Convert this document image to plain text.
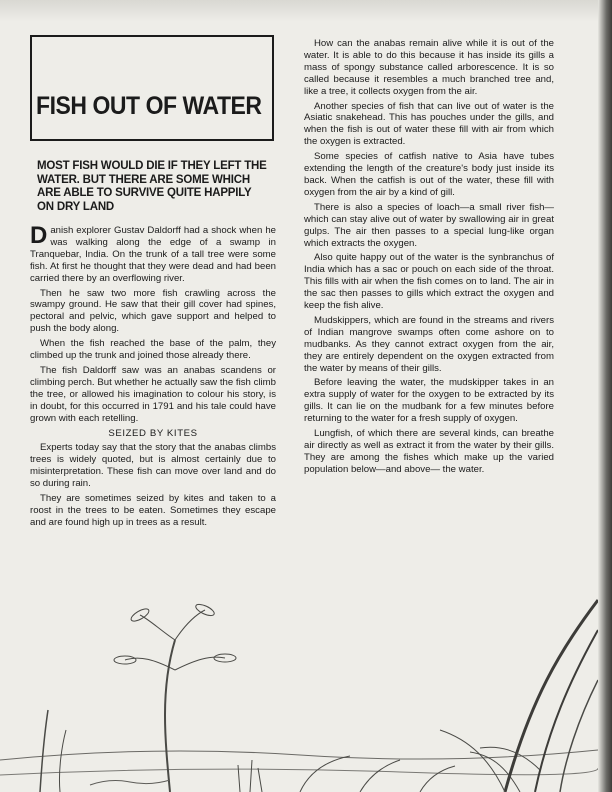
FISH OUT OF WATER
MOST FISH WOULD DIE IF THEY LEFT THE WATER. BUT THERE ARE SOME WHICH ARE ABLE TO SURVIVE QUITE HAPPILY ON DRY LAND

Danish explorer Gustav Daldorff had a shock when he was walking along the edge of a swamp in Tranquebar, India. On the trunk of a tall tree were some fish. At first he thought that they were dead and had been carried there by an overflowing river.

Then he saw two more fish crawling across the swampy ground. He saw that their gill cover had spines, pectoral and pelvic, which gave support and helped to push the body along.

When the fish reached the base of the palm, they climbed up the trunk and joined those already there.

The fish Daldorff saw was an anabas scandens or climbing perch. But whether he actually saw the fish climb the tree, or allowed his imagination to colour his story, is in doubt, for this occurred in 1791 and his tale could have grown with each retelling.

SEIZED BY KITES

Experts today say that the story that the anabas climbs trees is widely quoted, but is almost certainly due to misinterpretation. These fish can move over land and do so during rain.

They are sometimes seized by kites and taken to a roost in the trees to be eaten. Sometimes they escape and are found high up in trees as a result.

How can the anabas remain alive while it is out of the water. It is able to do this because it has inside its gills a mass of spongy substance called arborescence. It is so called because it resembles a much branched tree and, like a tree, it collects oxygen from the air.

Another species of fish that can live out of water is the Asiatic snakehead. This has pouches under the gills, and when the fish is out of water these fill with air from which the oxygen is extracted.

Some species of catfish native to Asia have tubes extending the length of the creature's body just inside its back. When the catfish is out of the water, these fill with oxygen from the air by a kind of gill.

There is also a species of loach—a small river fish—which can stay alive out of water by swallowing air in great gulps. The air then passes to a special lung-like organ which extracts the oxygen.

Also quite happy out of the water is the synbranchus of India which has a sac or pouch on each side of the throat. This fills with air when the fish comes on to land. The air in the sac then passes to gills which extract the oxygen and keep the fish alive.

Mudskippers, which are found in the streams and rivers of Indian mangrove swamps often come ashore on to mudbanks. As they cannot extract oxygen from the air, they are entirely dependent on the oxygen extracted from the water by means of their gills.

Before leaving the water, the mudskipper takes in an extra supply of water for the oxygen to be extracted by its gills. It can lie on the mudbank for a few minutes before returning to the water for a fresh supply of oxygen.

Lungfish, of which there are several kinds, can breathe air directly as well as extract it from the water by their gills. They are among the fishes which make up the varied population below—and above— the water.
